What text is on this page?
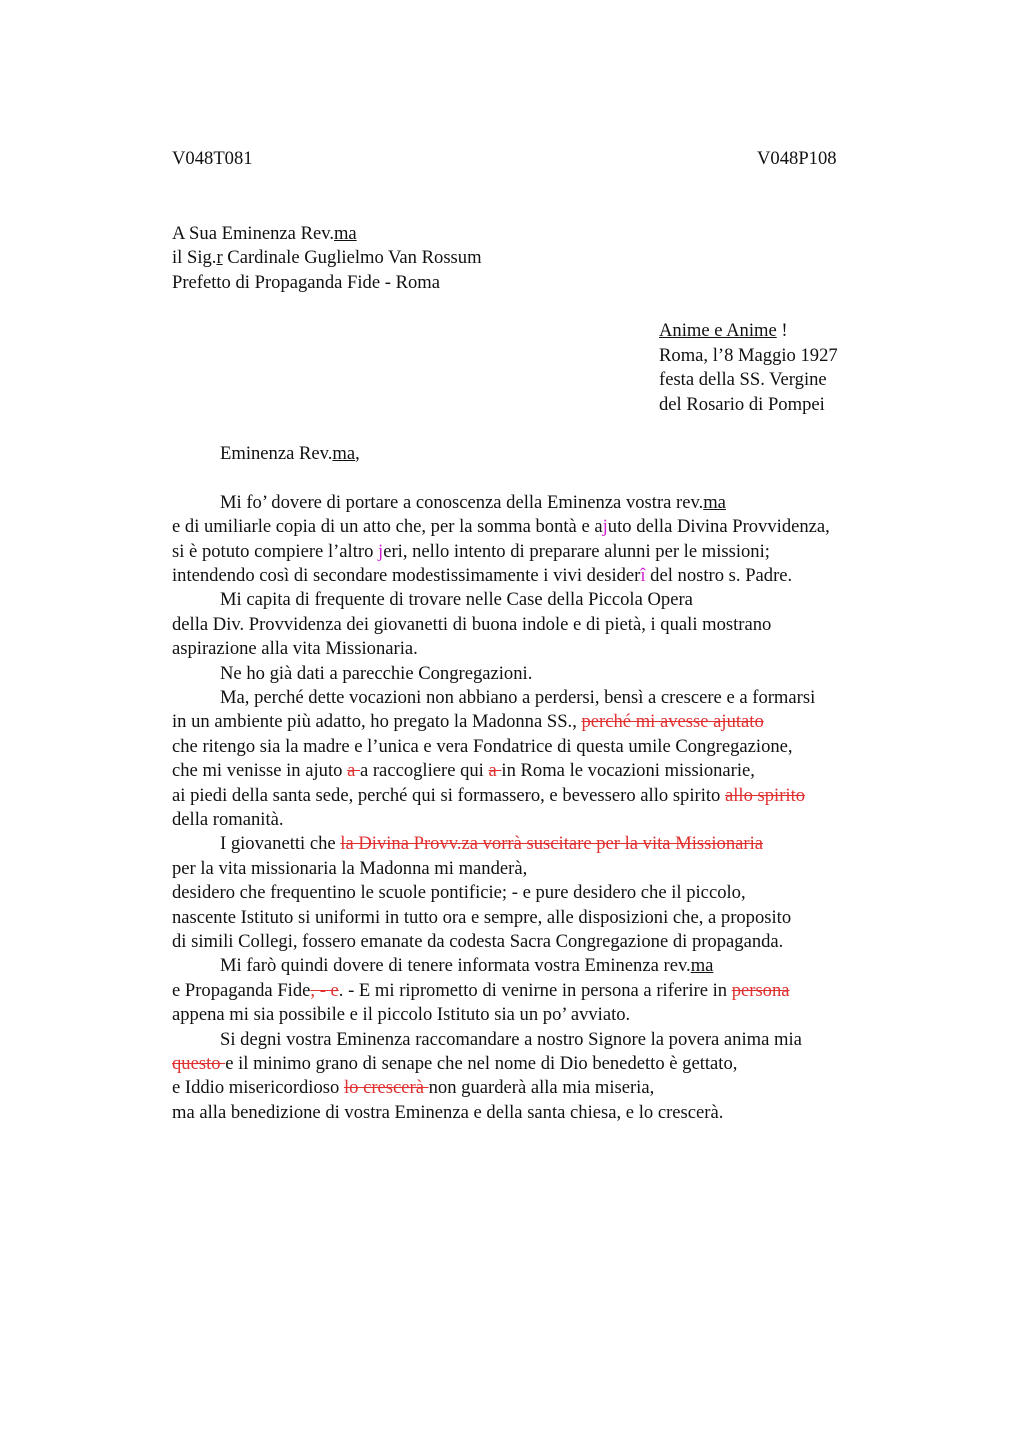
V048T081	V048P108
A Sua Eminenza Rev.ma
il Sig.r Cardinale Guglielmo Van Rossum
Prefetto di Propaganda Fide - Roma
Anime e Anime !
Roma, l’8 Maggio 1927
festa della SS. Vergine
del Rosario di Pompei
Eminenza Rev.ma,
Mi fo’ dovere di portare a conoscenza della Eminenza vostra rev.ma
e di umiliarle copia di un atto che, per la somma bontà e ajuto della Divina Provvidenza,
si è potuto compiere l’altro jeri, nello intento di preparare alunni per le missioni;
intendendo così di secondare modestissimamente i vivi desiderî del nostro s. Padre.
Mi capita di frequente di trovare nelle Case della Piccola Opera
della Div. Provvidenza dei giovanetti di buona indole e di pietà, i quali mostrano
aspirazione alla vita Missionaria.
Ne ho già dati a parecchie Congregazioni.
Ma, perché dette vocazioni non abbiano a perdersi, bensì a crescere e a formarsi
in un ambiente più adatto, ho pregato la Madonna SS., perché mi avesse ajutato
che ritengo sia la madre e l’unica e vera Fondatrice di questa umile Congregazione,
che mi venisse in ajuto a a raccogliere qui a in Roma le vocazioni missionarie,
ai piedi della santa sede, perché qui si formassero, e bevessero allo spirito allo spirito
della romanità.
I giovanetti che la Divina Provv.za vorrà suscitare per la vita Missionaria
per la vita missionaria la Madonna mi manderà,
desidero che frequentino le scuole pontificie; - e pure desidero che il piccolo,
nascente Istituto si uniformi in tutto ora e sempre, alle disposizioni che, a proposito
di simili Collegi, fossero emanate da codesta Sacra Congregazione di propaganda.
Mi farò quindi dovere di tenere informata vostra Eminenza rev.ma
e Propaganda Fide, - e. - E mi riprometto di venirne in persona a riferire in persona
appena mi sia possibile e il piccolo Istituto sia un po’ avviato.
Si degni vostra Eminenza raccomandare a nostro Signore la povera anima mia
questo e il minimo grano di senape che nel nome di Dio benedetto è gettato,
e Iddio misericordioso lo crescerà non guarderà alla mia miseria,
ma alla benedizione di vostra Eminenza e della santa chiesa, e lo crescerà.
